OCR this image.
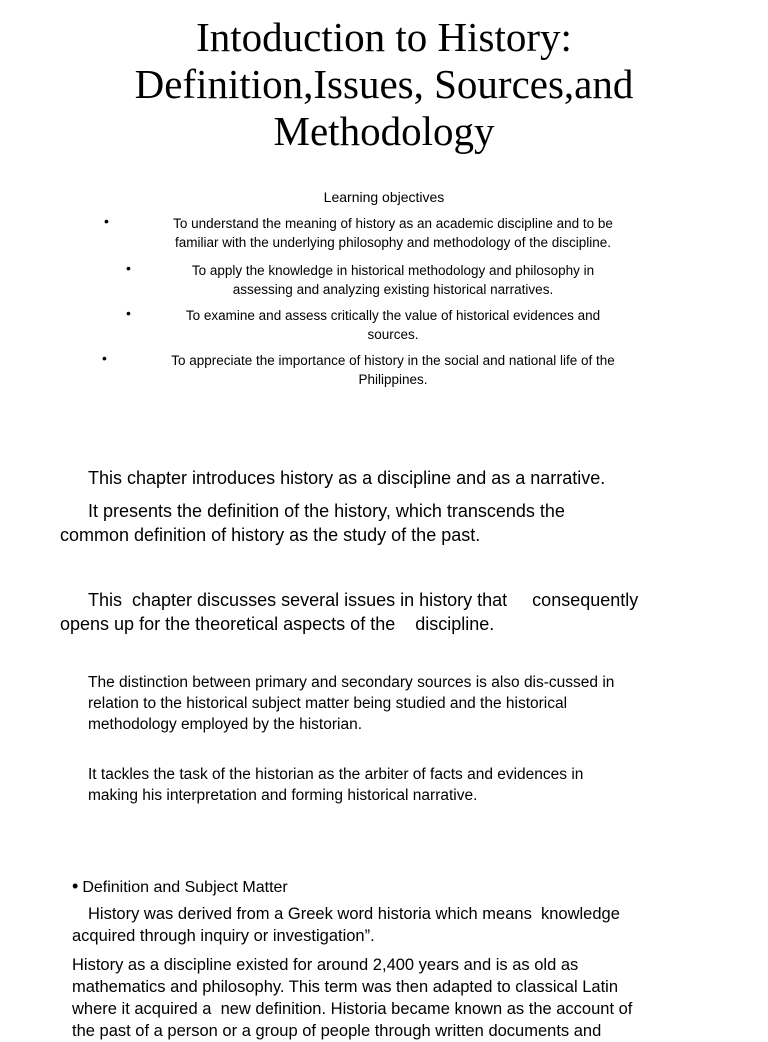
Intoduction to History:
Definition,Issues, Sources,and
Methodology
Learning objectives
•	To understand the meaning of history as an academic discipline and to be
familiar with the underlying philosophy and methodology of the discipline.
•	To apply the knowledge in historical methodology and philosophy in
assessing and analyzing existing historical narratives.
•	To examine and assess critically the value of historical evidences and
sources.
•	To appreciate the importance of history in the social and national life of the
Philippines.
This chapter introduces history as a discipline and as a narrative.
It presents the definition of the history, which transcends the
common definition of history as the study of the past.
This  chapter discusses several issues in history that     consequently
opens up for the theoretical aspects of the    discipline.
The distinction between primary and secondary sources is also dis-cussed in
relation to the historical subject matter being studied and the historical
methodology employed by the historian.
It tackles the task of the historian as the arbiter of facts and evidences in
making his interpretation and forming historical narrative.
• Definition and Subject Matter
History was derived from a Greek word historia which means  knowledge
acquired through inquiry or investigation”.
History as a discipline existed for around 2,400 years and is as old as
mathematics and philosophy. This term was then adapted to classical Latin
where it acquired a  new definition. Historia became known as the account of
the past of a person or a group of people through written documents and
